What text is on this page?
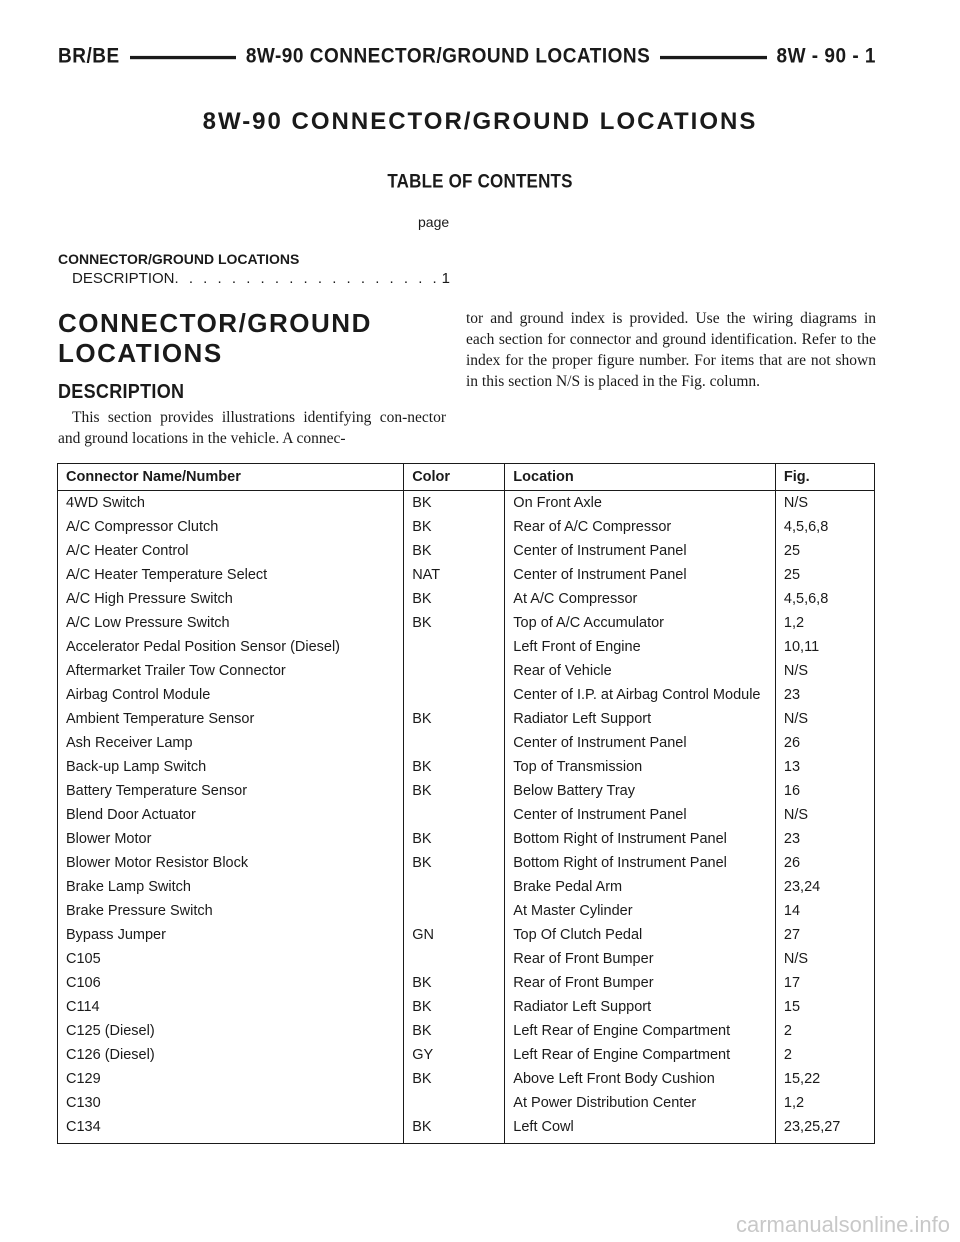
BR/BE	8W-90 CONNECTOR/GROUND LOCATIONS	8W - 90 - 1
8W-90 CONNECTOR/GROUND LOCATIONS
TABLE OF CONTENTS
page
CONNECTOR/GROUND LOCATIONS
DESCRIPTION . . .	1
CONNECTOR/GROUND
LOCATIONS
DESCRIPTION

This section provides illustrations identifying con-nector and ground locations in the vehicle. A connec-

tor and ground index is provided. Use the wiring diagrams in each section for connector and ground identification. Refer to the index for the proper figure number. For items that are not shown in this section N/S is placed in the Fig. column.

Connector Name/Number	Color	Location	Fig.
4WD Switch	BK	On Front Axle	N/S
A/C Compressor Clutch	BK	Rear of A/C Compressor	4,5,6,8
A/C Heater Control	BK	Center of Instrument Panel	25
A/C Heater Temperature Select	NAT	Center of Instrument Panel	25
A/C High Pressure Switch	BK	At A/C Compressor	4,5,6,8
A/C Low Pressure Switch	BK	Top of A/C Accumulator	1,2
Accelerator Pedal Position Sensor (Diesel)		Left Front of Engine	10,11
Aftermarket Trailer Tow Connector		Rear of Vehicle	N/S
Airbag Control Module		Center of I.P. at Airbag Control Module	23
Ambient Temperature Sensor	BK	Radiator Left Support	N/S
Ash Receiver Lamp		Center of Instrument Panel	26
Back-up Lamp Switch	BK	Top of Transmission	13
Battery Temperature Sensor	BK	Below Battery Tray	16
Blend Door Actuator		Center of Instrument Panel	N/S
Blower Motor	BK	Bottom Right of Instrument Panel	23
Blower Motor Resistor Block	BK	Bottom Right of Instrument Panel	26
Brake Lamp Switch		Brake Pedal Arm	23,24
Brake Pressure Switch		At Master Cylinder	14
Bypass Jumper	GN	Top Of Clutch Pedal	27
C105		Rear of Front Bumper	N/S
C106	BK	Rear of Front Bumper	17
C114	BK	Radiator Left Support	15
C125 (Diesel)	BK	Left Rear of Engine Compartment	2
C126 (Diesel)	GY	Left Rear of Engine Compartment	2
C129	BK	Above Left Front Body Cushion	15,22
C130		At Power Distribution Center	1,2
C134	BK	Left Cowl	23,25,27
carmanualsonline.info
